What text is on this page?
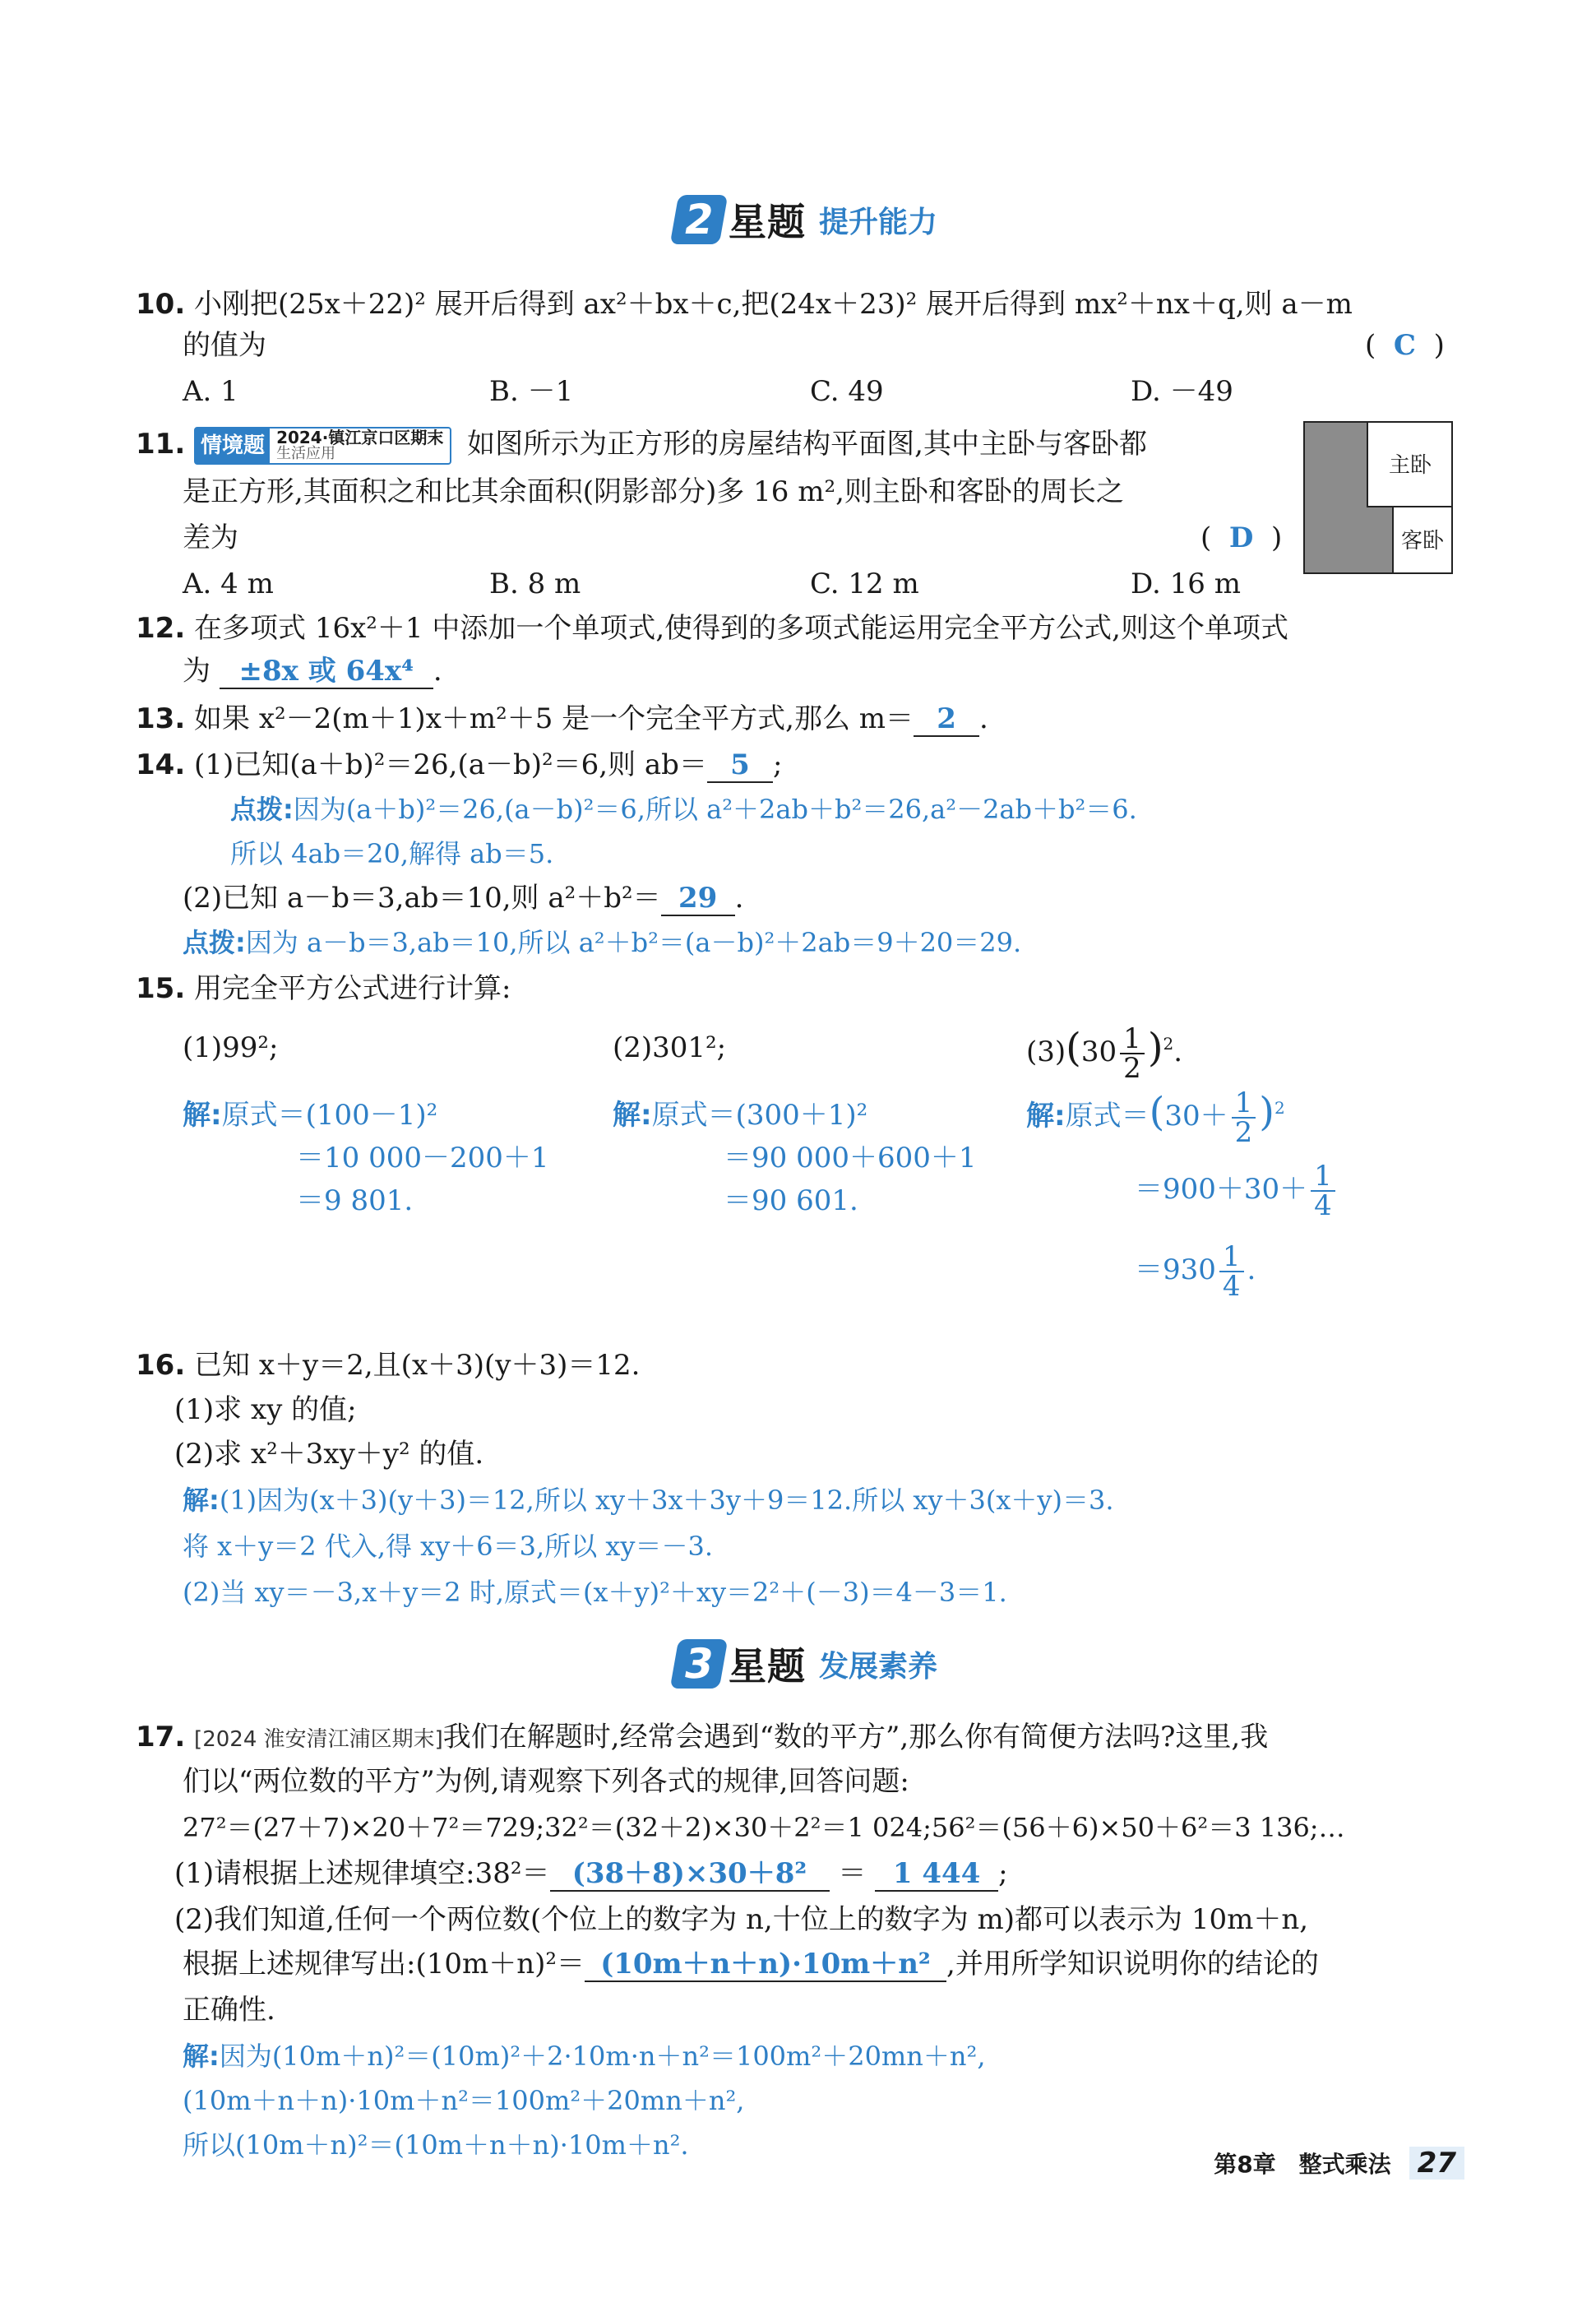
2 星题 提升能力
10. 小刚把(25x＋22)² 展开后得到 ax²＋bx＋c,把(24x＋23)² 展开后得到 mx²＋nx＋q,则 a－m
的值为	(  C  )
A. 1	B. －1	C. 49	D. －49
11. 情境题 2024·镇江京口区期末
生活应用	如图所示为正方形的房屋结构平面图,其中主卧与客卧都
是正方形,其面积之和比其余面积(阴影部分)多 16 m²,则主卧和客卧的周长之
差为	(  D  )
A. 4 m	B. 8 m	C. 12 m	D. 16 m
主卧
客卧
12. 在多项式 16x²＋1 中添加一个单项式,使得到的多项式能运用完全平方公式,则这个单项式
为 ±8x 或 64x⁴ .
13. 如果 x²－2(m＋1)x＋m²＋5 是一个完全平方式,那么 m＝ 2 .
14. (1)已知(a＋b)²＝26,(a－b)²＝6,则 ab＝ 5 ;
点拨:因为(a＋b)²＝26,(a－b)²＝6,所以 a²＋2ab＋b²＝26,a²－2ab＋b²＝6.
所以 4ab＝20,解得 ab＝5.
(2)已知 a－b＝3,ab＝10,则 a²＋b²＝ 29 .
点拨:因为 a－b＝3,ab＝10,所以 a²＋b²＝(a－b)²＋2ab＝9＋20＝29.
15. 用完全平方公式进行计算:
(1)99²;	(2)301²;	$(3)(30 \frac{1}{2} )^2$.
解:原式＝(100－1)²
＝10 000－200＋1
＝9 801.
解:原式＝(300＋1)²
＝90 000＋600＋1
＝90 601.
解:原式$=(30+ \frac{1}{2} )^2$
$=900+30+ \frac{1}{4}$
$=930 \frac{1}{4}$ .
16. 已知 x＋y＝2,且(x＋3)(y＋3)＝12.
(1)求 xy 的值;
(2)求 x²＋3xy＋y² 的值.
解:(1)因为(x＋3)(y＋3)＝12,所以 xy＋3x＋3y＋9＝12.所以 xy＋3(x＋y)＝3.
将 x＋y＝2 代入,得 xy＋6＝3,所以 xy＝－3.
(2)当 xy＝－3,x＋y＝2 时,原式＝(x＋y)²＋xy＝2²＋(－3)＝4－3＝1.
3 星题 发展素养
17. [2024 淮安清江浦区期末]我们在解题时,经常会遇到“数的平方”,那么你有简便方法吗?这里,我
们以“两位数的平方”为例,请观察下列各式的规律,回答问题:
27²＝(27＋7)×20＋7²＝729;32²＝(32＋2)×30＋2²＝1 024;56²＝(56＋6)×50＋6²＝3 136;…
(1)请根据上述规律填空:38²＝ (38＋8)×30＋8² ＝ 1 444 ;
(2)我们知道,任何一个两位数(个位上的数字为 n,十位上的数字为 m)都可以表示为 10m＋n,
根据上述规律写出:(10m＋n)²＝ (10m＋n＋n)·10m＋n² ,并用所学知识说明你的结论的
正确性.
解:因为(10m＋n)²＝(10m)²＋2·10m·n＋n²＝100m²＋20mn＋n²,
(10m＋n＋n)·10m＋n²＝100m²＋20mn＋n²,
所以(10m＋n)²＝(10m＋n＋n)·10m＋n².
第8章　整式乘法 27
